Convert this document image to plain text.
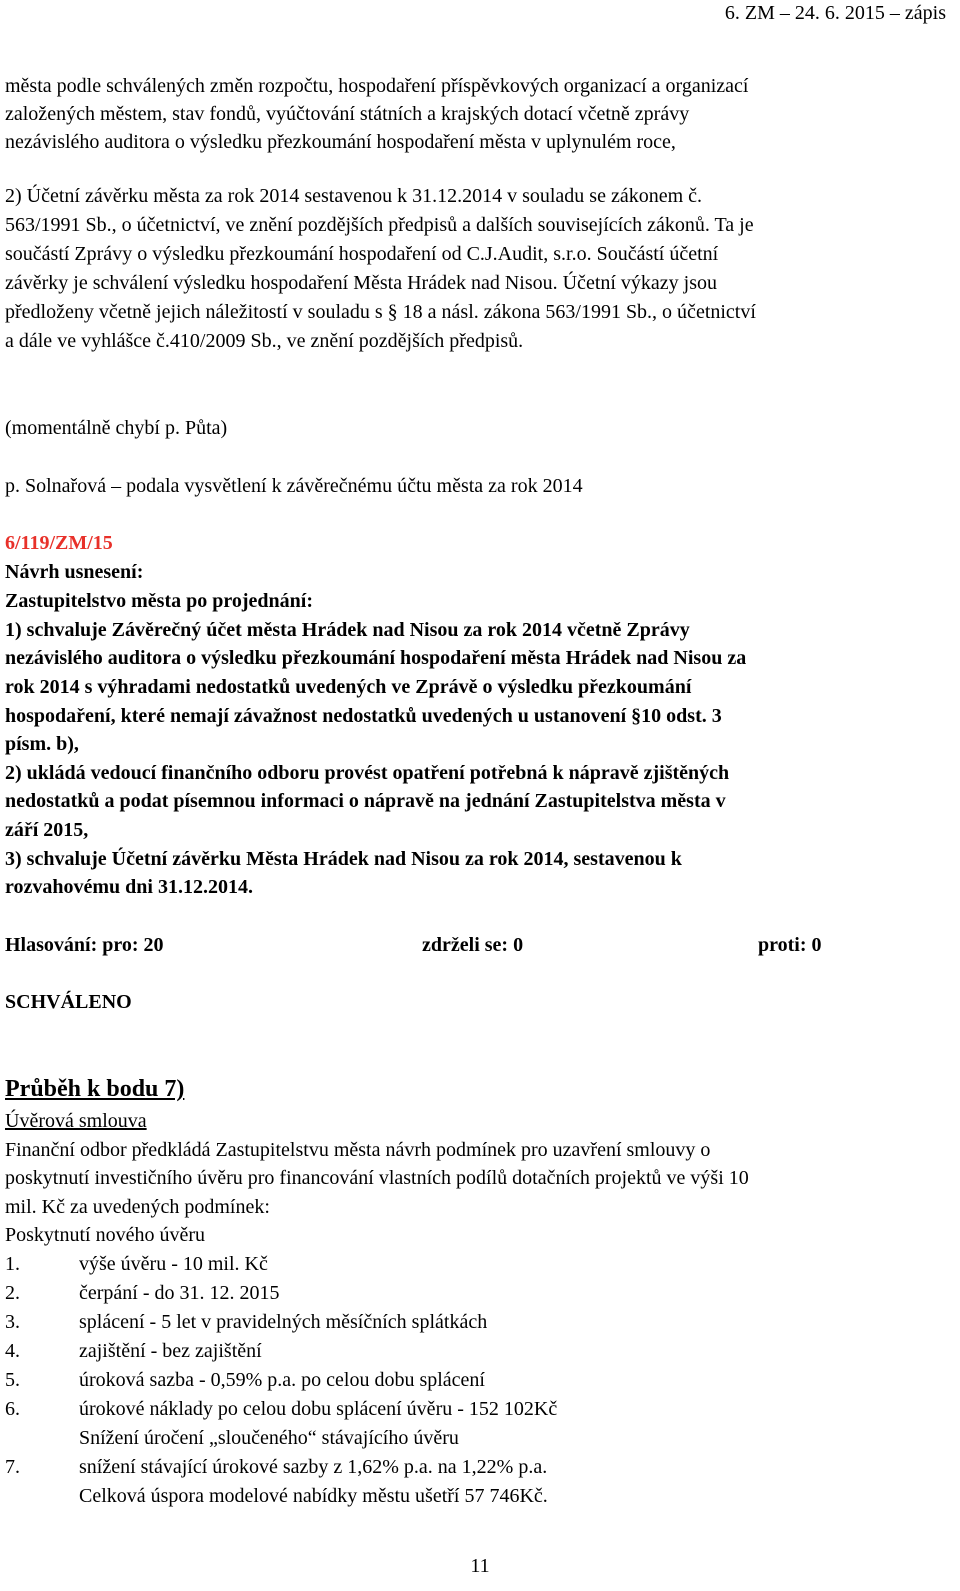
6. ZM – 24. 6. 2015 – zápis
města podle schválených změn rozpočtu, hospodaření příspěvkových organizací a organizací
založených městem, stav fondů, vyúčtování státních a krajských dotací včetně zprávy
nezávislého auditora o výsledku přezkoumání hospodaření města v uplynulém roce,
2) Účetní závěrku města za rok 2014 sestavenou k 31.12.2014 v souladu se zákonem č.
563/1991 Sb., o účetnictví, ve znění pozdějších předpisů a dalších souvisejících zákonů. Ta je
součástí Zprávy o výsledku přezkoumání hospodaření od C.J.Audit, s.r.o. Součástí účetní
závěrky je schválení výsledku hospodaření Města Hrádek nad Nisou. Účetní výkazy jsou
předloženy včetně jejich náležitostí v souladu s § 18 a násl. zákona 563/1991 Sb., o účetnictví
a dále ve vyhlášce č.410/2009 Sb., ve znění pozdějších předpisů.
(momentálně chybí p. Půta)
p. Solnařová – podala vysvětlení k závěrečnému účtu města za rok 2014
6/119/ZM/15
Návrh usnesení:
Zastupitelstvo města po projednání:
1) schvaluje Závěrečný účet města Hrádek nad Nisou za rok 2014 včetně Zprávy
nezávislého auditora o výsledku přezkoumání hospodaření města Hrádek nad Nisou za
rok 2014 s výhradami nedostatků uvedených ve Zprávě o výsledku přezkoumání
hospodaření, které nemají závažnost nedostatků uvedených u ustanovení §10 odst. 3
písm. b),
2) ukládá vedoucí finančního odboru provést opatření potřebná k nápravě zjištěných
nedostatků a podat písemnou informaci o nápravě na jednání Zastupitelstva města v
září 2015,
3) schvaluje Účetní závěrku Města Hrádek nad Nisou za rok 2014, sestavenou k
rozvahovému dni 31.12.2014.
Hlasování: pro: 20	zdrželi se: 0	proti: 0
SCHVÁLENO
Průběh k bodu 7)
Úvěrová smlouva
Finanční odbor předkládá Zastupitelstvu města návrh podmínek pro uzavření smlouvy o
poskytnutí investičního úvěru pro financování vlastních podílů dotačních projektů ve výši 10
mil. Kč za uvedených podmínek:
Poskytnutí nového úvěru
1.	výše úvěru - 10 mil. Kč
2.	čerpání - do 31. 12. 2015
3.	splácení - 5 let v pravidelných měsíčních splátkách
4.	zajištění - bez zajištění
5.	úroková sazba - 0,59% p.a. po celou dobu splácení
6.	úrokové náklady po celou dobu splácení úvěru - 152 102Kč
Snížení úročení „sloučeného“ stávajícího úvěru
7.	snížení stávající úrokové sazby z 1,62% p.a. na 1,22% p.a.
Celková úspora modelové nabídky městu ušetří 57 746Kč.
11
